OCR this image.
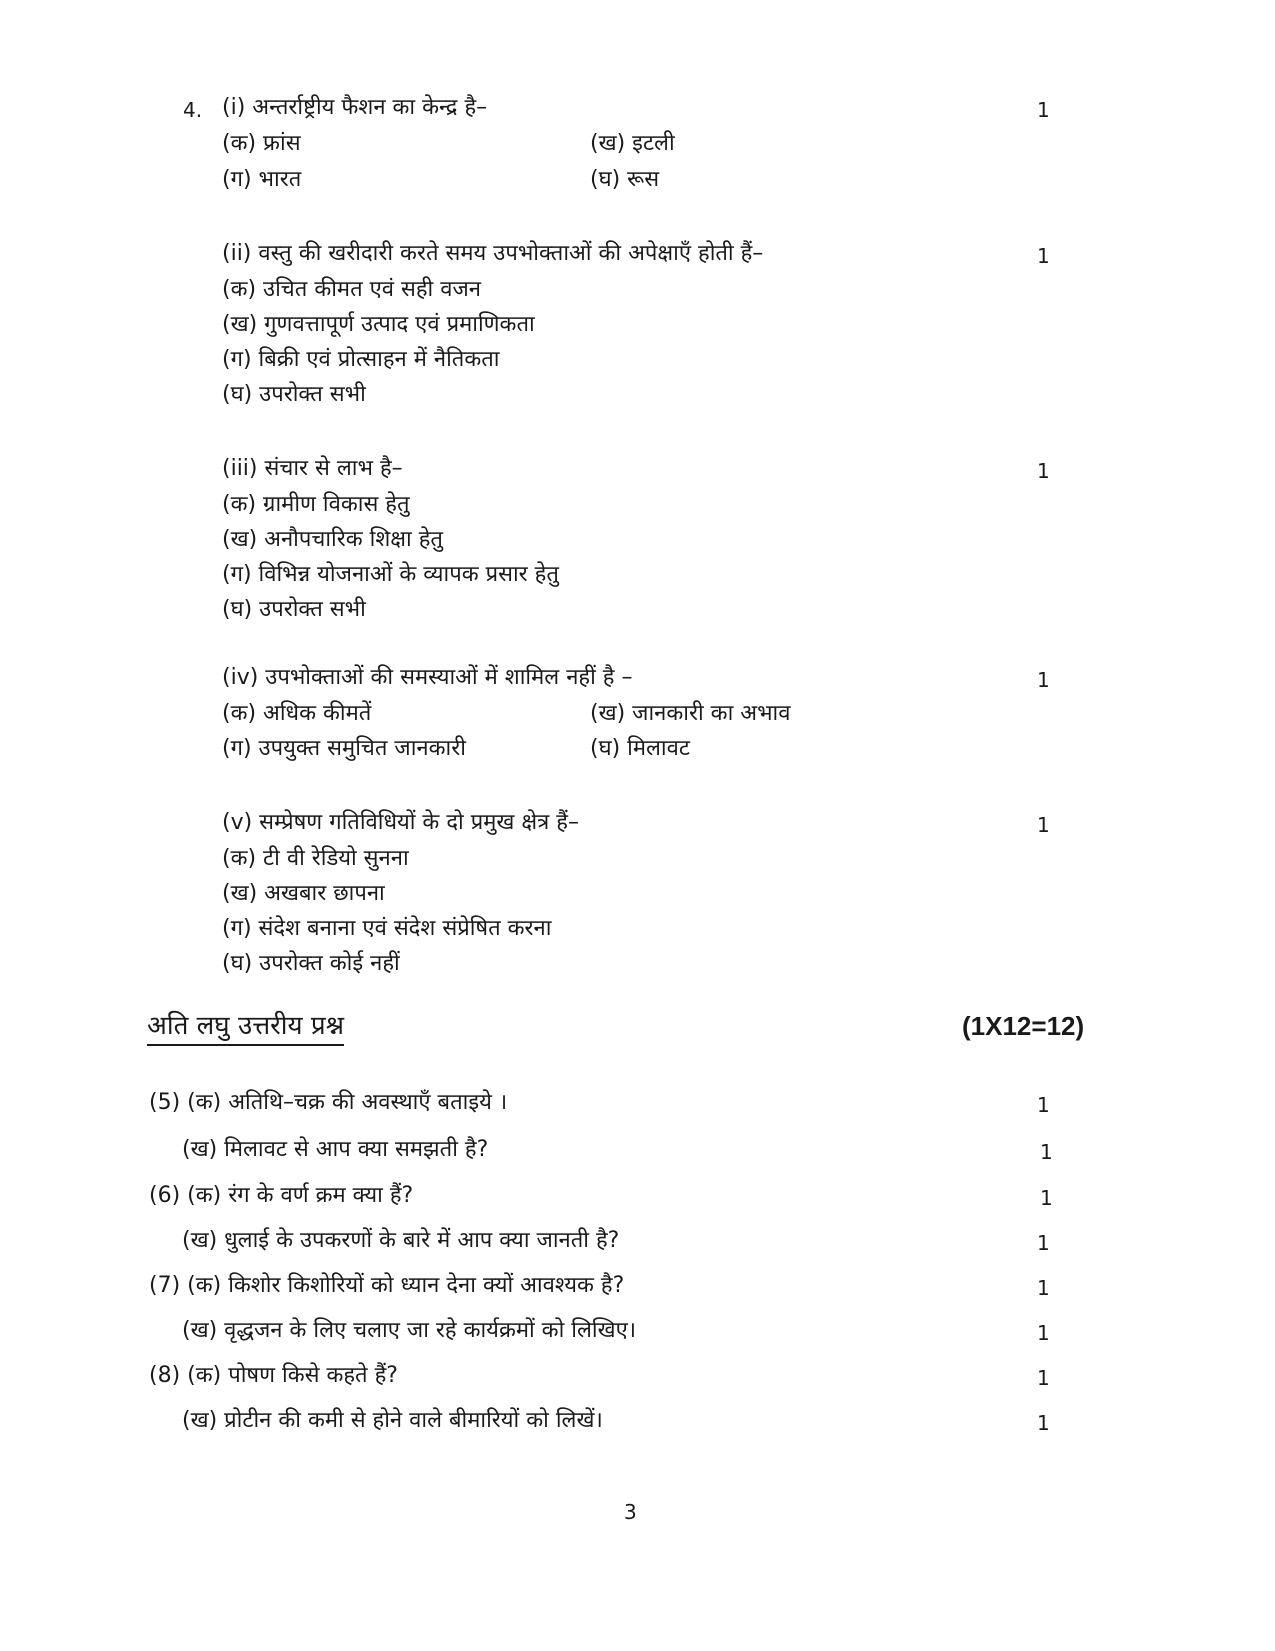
4. (i) अन्तर्राष्ट्रीय फैशन का केन्द्र है–	1
(क) फ्रांस	(ख) इटली
(ग) भारत	(घ) रूस
(ii) वस्तु की खरीदारी करते समय उपभोक्ताओं की अपेक्षाएँ होती हैं–	1
(क) उचित कीमत एवं सही वजन
(ख) गुणवत्तापूर्ण उत्पाद एवं प्रमाणिकता
(ग) बिक्री एवं प्रोत्साहन में नैतिकता
(घ) उपरोक्त सभी
(iii) संचार से लाभ है–	1
(क) ग्रामीण विकास हेतु
(ख) अनौपचारिक शिक्षा हेतु
(ग) विभिन्न योजनाओं के व्यापक प्रसार हेतु
(घ) उपरोक्त सभी
(iv) उपभोक्ताओं की समस्याओं में शामिल नहीं है –	1
(क) अधिक कीमतें	(ख) जानकारी का अभाव
(ग) उपयुक्त समुचित जानकारी	(घ) मिलावट
(v) सम्प्रेषण गतिविधियों के दो प्रमुख क्षेत्र हैं–	1
(क) टी वी रेडियो सुनना
(ख) अखबार छापना
(ग) संदेश बनाना एवं संदेश संप्रेषित करना
(घ) उपरोक्त कोई नहीं
अति लघु उत्तरीय प्रश्न	(1X12=12)
(5) (क) अतिथि–चक्र की अवस्थाएँ बताइये ।	1
(ख) मिलावट से आप क्या समझती है?	1
(6) (क) रंग के वर्ण क्रम क्या हैं?	1
(ख) धुलाई के उपकरणों के बारे में आप क्या जानती है?	1
(7) (क) किशोर किशोरियों को ध्यान देना क्यों आवश्यक है?	1
(ख) वृद्धजन के लिए चलाए जा रहे कार्यक्रमों को लिखिए।	1
(8) (क) पोषण किसे कहते हैं?	1
(ख) प्रोटीन की कमी से होने वाले बीमारियों को लिखें।	1
3
